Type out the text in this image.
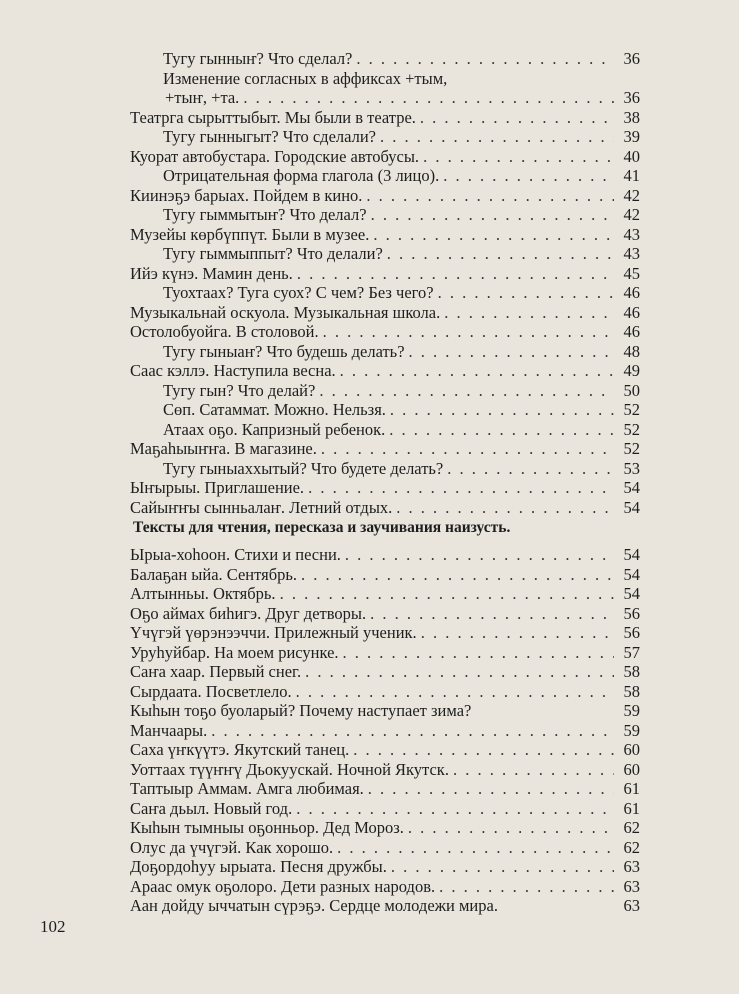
Тугу гынныҥ? Что сделал? . . .	36
Изменение согласных в аффиксах +тым,
+тыҥ, +та. . . .	36
Театрга сырыттыбыт. Мы были в театре. . . .	38
Тугу гынныгыт? Что сделали? . . .	39
Куорат автобустара. Городские автобусы. . . .	40
Отрицательная форма глагола (3 лицо). . . .	41
Киинэҕэ барыах. Пойдем в кино. . . .	42
Тугу гыммытыҥ? Что делал? . . .	42
Музейы көрбүппүт. Были в музее. . . .	43
Тугу гыммыппыт? Что делали? . . .	43
Ийэ күнэ. Мамин день. . . .	45
Туохтаах? Туга суох? С чем? Без чего? . . .	46
Музыкальнай оскуола. Музыкальная школа. . . .	46
Остолобуойга. В столовой. . . .	46
Тугу гыныаҥ? Что будешь делать? . . .	48
Саас кэллэ. Наступила весна. . . .	49
Тугу гын? Что делай? . . .	50
Сөп. Сатаммат. Можно. Нельзя. . . .	52
Атаах оҕо. Капризный ребенок. . . .	52
Маҕаһыыҥҥа. В магазине. . . .	52
Тугу гыныаххытый? Что будете делать? . . .	53
Ыҥырыы. Приглашение. . . .	54
Сайыҥҥы сынньалаҥ. Летний отдых. . . .	54
Тексты для чтения, пересказа и заучивания наизусть.
Ырыа-хоһоон. Стихи и песни. . . .	54
Балаҕан ыйа. Сентябрь. . . .	54
Алтынньы. Октябрь. . . .	54
Оҕо аймах биһигэ. Друг детворы. . . .	56
Үчүгэй үөрэнээччи. Прилежный ученик. . . .	56
Уруһуйбар. На моем рисунке. . . .	57
Саҥа хаар. Первый снег. . . .	58
Сырдаата. Посветлело. . . .	58
Кыһын тоҕо буоларый? Почему наступает зима?	59
Манчаары. . . .	59
Саха үҥкүүтэ. Якутский танец. . . .	60
Уоттаах түүҥҥү Дьокуускай. Ночной Якутск. . . .	60
Таптыыр Аммам. Амга любимая. . . .	61
Саҥа дьыл. Новый год. . . .	61
Кыһын тымныы оҕонньор. Дед Мороз. . . .	62
Олус да үчүгэй. Как хорошо. . . .	62
Доҕордоһуу ырыата. Песня дружбы. . . .	63
Араас омук оҕолоро. Дети разных народов. . . .	63
Аан дойду ыччатын сүрэҕэ. Сердце молодежи мира.	63
102
